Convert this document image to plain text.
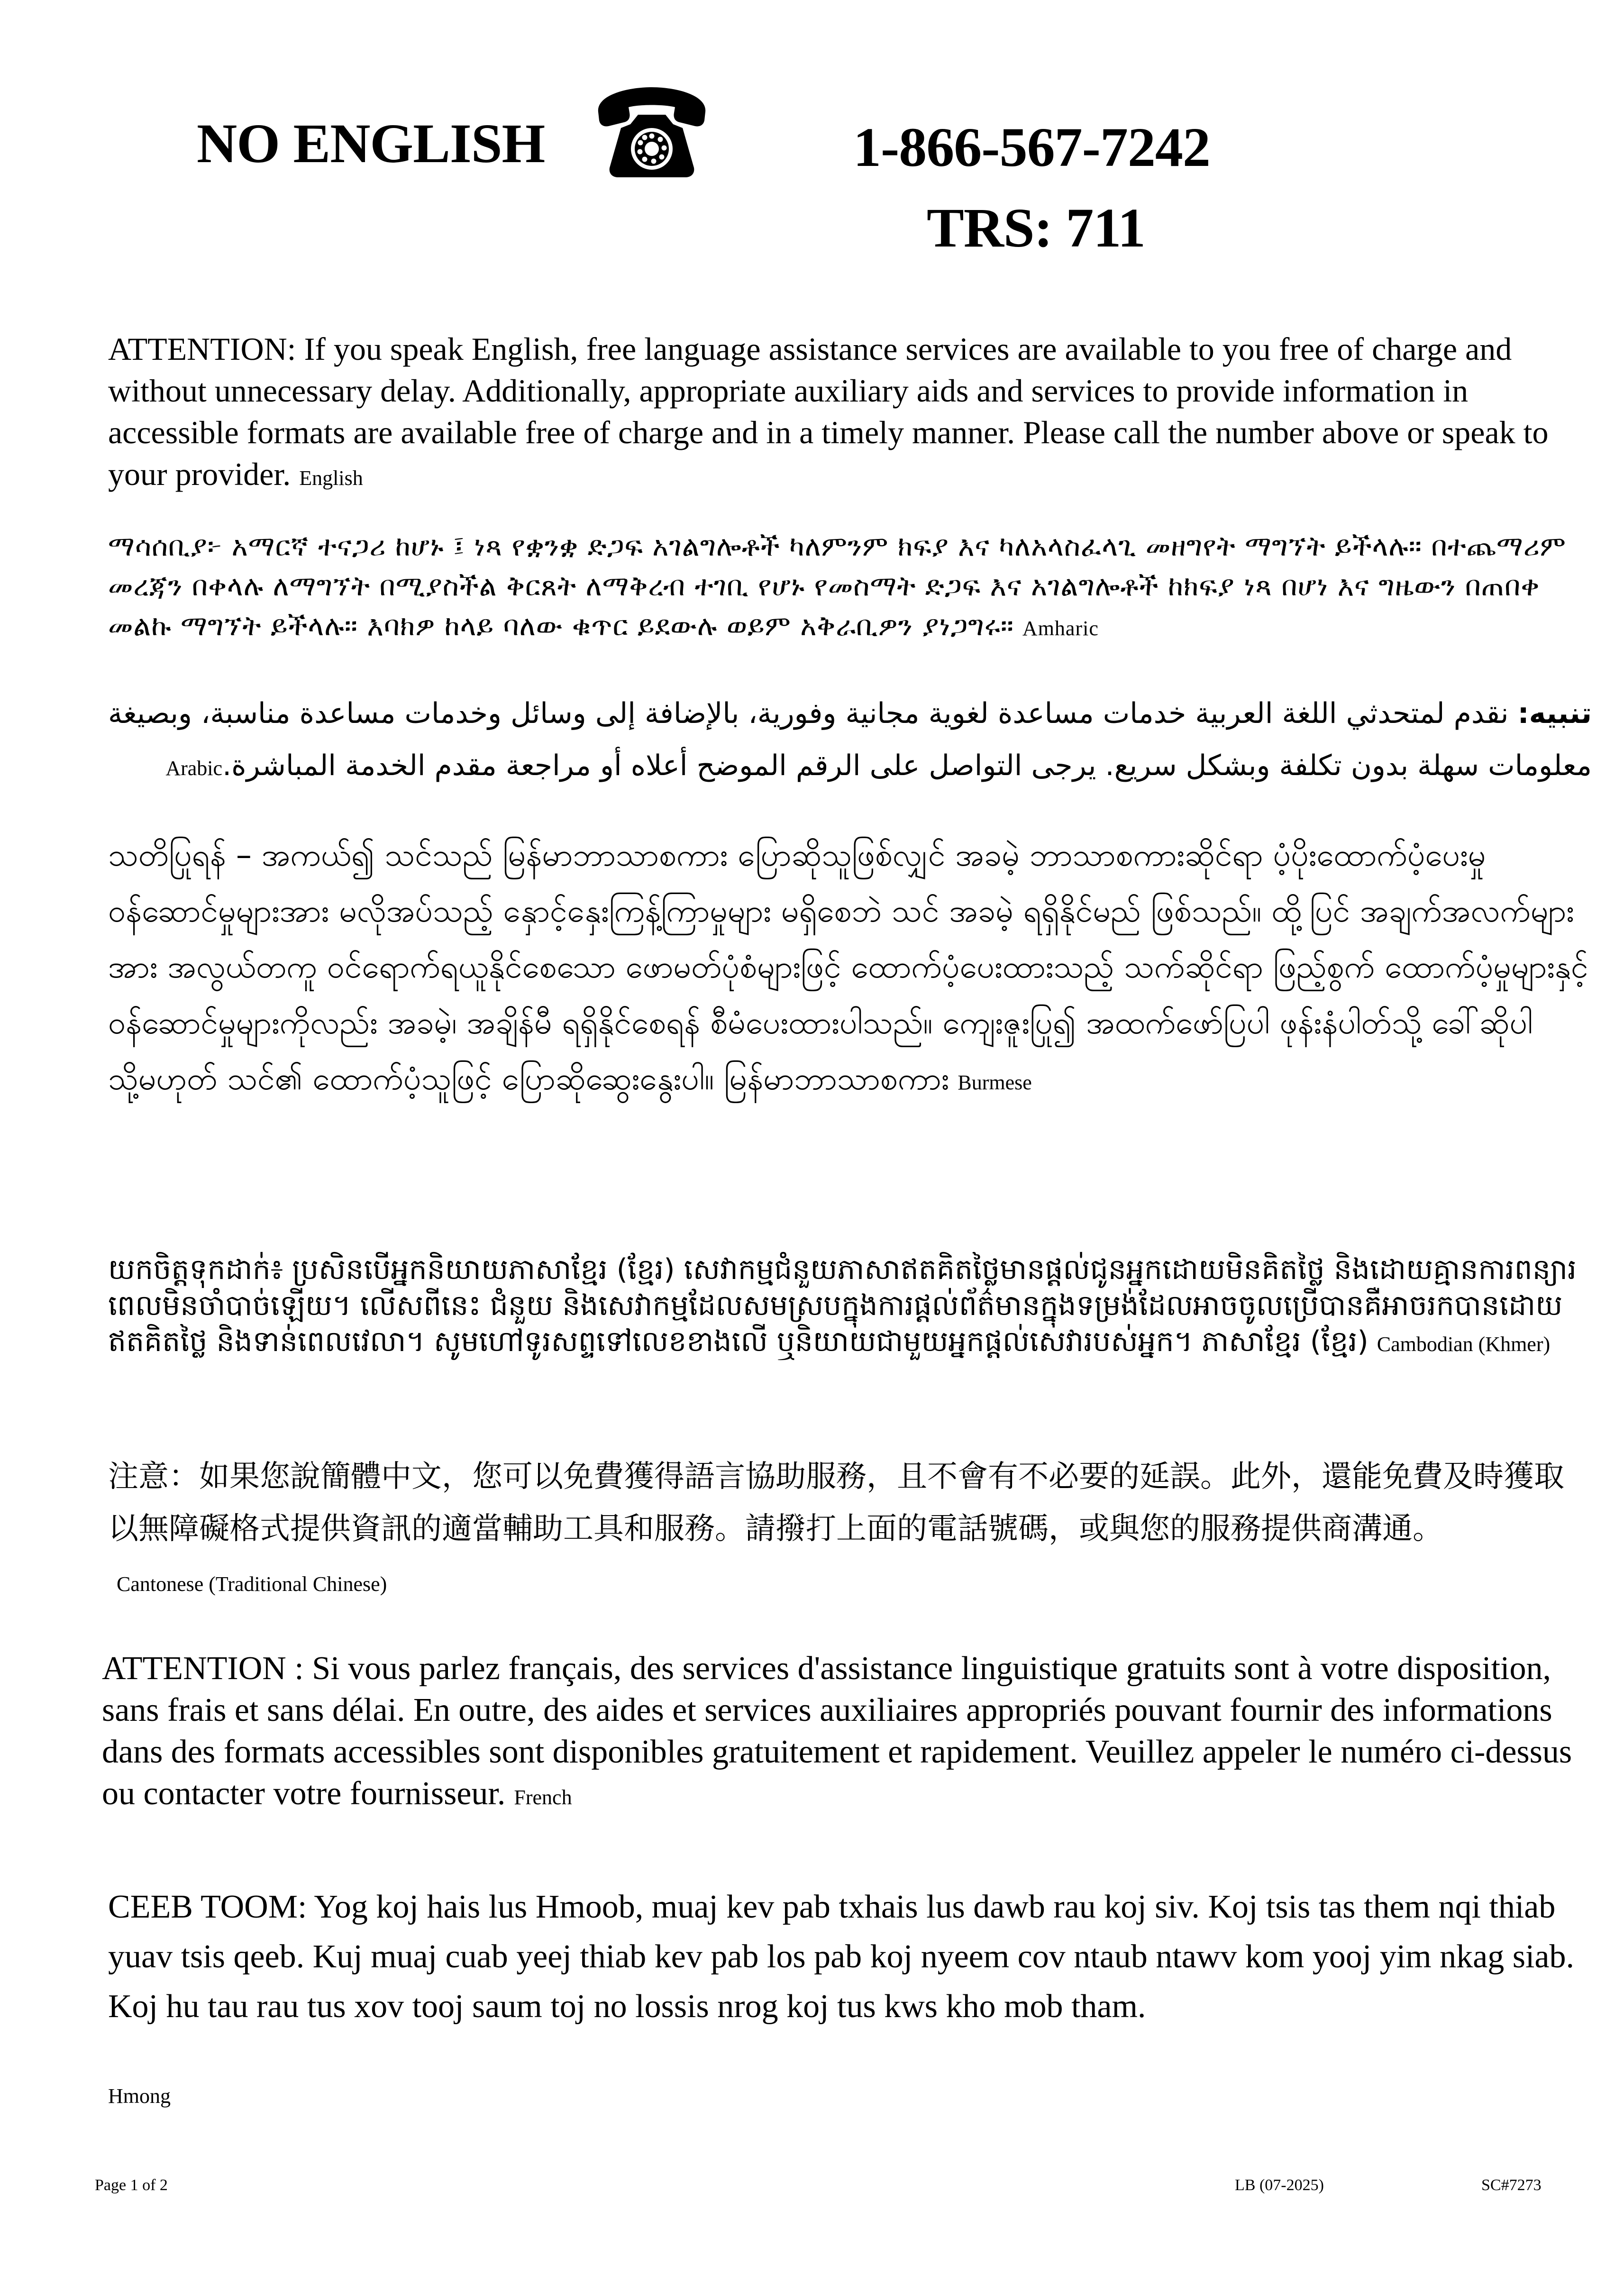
NO ENGLISH	1-866-567-7242
TRS: 711

ATTENTION: If you speak English, free language assistance services are available to you free of charge and without unnecessary delay. Additionally, appropriate auxiliary aids and services to provide information in accessible formats are available free of charge and in a timely manner. Please call the number above or speak to your provider. English

ማሳሰቢያ፦ አማርኛ ተናጋሪ ከሆኑ ፤ ነጻ የቋንቋ ድጋፍ አገልግሎቶች ካለምንም ክፍያ እና ካለአላስፈላጊ መዘግየት ማግኘት ይችላሉ። በተጨማሪም መረጃን በቀላሉ ለማግኘት በሚያስችል ቅርጸት ለማቅረብ ተገቢ የሆኑ የመስማት ድጋፍ እና አገልግሎቶች ከክፍያ ነጻ በሆነ እና ግዜውን በጠበቀ መልኩ ማግኘት ይችላሉ። እባክዎ ከላይ ባለው ቁጥር ይደውሉ ወይም አቅራቢዎን ያነጋግሩ። Amharic

تنبيه: نقدم لمتحدثي اللغة العربية خدمات مساعدة لغوية مجانية وفورية، بالإضافة إلى وسائل وخدمات مساعدة مناسبة، وبصيغة معلومات سهلة بدون تكلفة وبشكل سريع. يرجى التواصل على الرقم الموضح أعلاه أو مراجعة مقدم الخدمة المباشرة.Arabic

သတိပြုရန် – အကယ်၍ သင်သည် မြန်မာဘာသာစကား ပြောဆိုသူဖြစ်လျှင် အခမဲ့ ဘာသာစကားဆိုင်ရာ ပံ့ပိုးထောက်ပံ့ပေးမှု ဝန်ဆောင်မှုများအား မလိုအပ်သည့် နှောင့်နှေးကြန့်ကြာမှုများ မရှိစေဘဲ သင် အခမဲ့ ရရှိနိုင်မည် ဖြစ်သည်။ ထို့ပြင် အချက်အလက်များအား အလွယ်တကူ ဝင်ရောက်ရယူနိုင်စေသော ဖောမတ်ပုံစံများဖြင့် ထောက်ပံ့ပေးထားသည့် သက်ဆိုင်ရာ ဖြည့်စွက် ထောက်ပံ့မှုများနှင့် ဝန်ဆောင်မှုများကိုလည်း အခမဲ့၊ အချိန်မီ ရရှိနိုင်စေရန် စီမံပေးထားပါသည်။ ကျေးဇူးပြု၍ အထက်ဖော်ပြပါ ဖုန်းနံပါတ်သို့ ခေါ်ဆိုပါ သို့မဟုတ် သင်၏ ထောက်ပံ့သူဖြင့် ပြောဆိုဆွေးနွေးပါ။ မြန်မာဘာသာစကား Burmese

យកចិត្តទុកដាក់៖ ប្រសិនបើអ្នកនិយាយភាសាខ្មែរ (ខ្មែរ) សេវាកម្មជំនួយភាសាឥតគិតថ្លៃមានផ្តល់ជូនអ្នកដោយមិនគិតថ្លៃ និងដោយគ្មានការពន្យារពេលមិនចាំបាច់ឡើយ។ លើសពីនេះ ជំនួយ និងសេវាកម្មដែលសមស្របក្នុងការផ្តល់ព័ត៌មានក្នុងទម្រង់ដែលអាចចូលប្រើបានគឺអាចរកបានដោយឥតគិតថ្លៃ និងទាន់ពេលវេលា។ សូមហៅទូរសព្ទទៅលេខខាងលើ ឬនិយាយជាមួយអ្នកផ្តល់សេវារបស់អ្នក។ ភាសាខ្មែរ (ខ្មែរ) Cambodian (Khmer)

注意：如果您說簡體中文，您可以免費獲得語言協助服務，且不會有不必要的延誤。此外，還能免費及時獲取以無障礙格式提供資訊的適當輔助工具和服務。請撥打上面的電話號碼，或與您的服務提供商溝通。Cantonese (Traditional Chinese)

ATTENTION : Si vous parlez français, des services d'assistance linguistique gratuits sont à votre disposition, sans frais et sans délai. En outre, des aides et services auxiliaires appropriés pouvant fournir des informations dans des formats accessibles sont disponibles gratuitement et rapidement. Veuillez appeler le numéro ci-dessus ou contacter votre fournisseur. French

CEEB TOOM: Yog koj hais lus Hmoob, muaj kev pab txhais lus dawb rau koj siv. Koj tsis tas them nqi thiab yuav tsis qeeb. Kuj muaj cuab yeej thiab kev pab los pab koj nyeem cov ntaub ntawv kom yooj yim nkag siab. Koj hu tau rau tus xov tooj saum toj no lossis nrog koj tus kws kho mob tham.

Hmong

Page 1 of 2	LB (07-2025)	SC#7273
